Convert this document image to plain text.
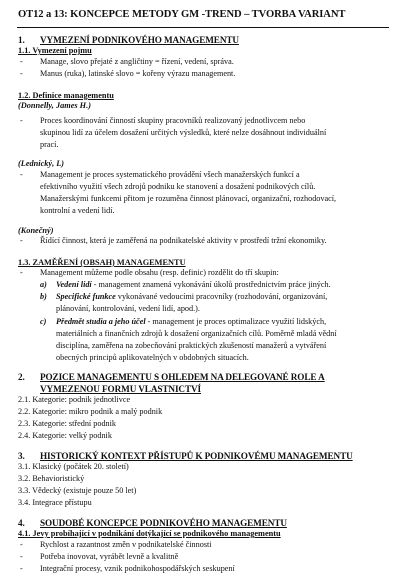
OT12 a 13: KONCEPCE METODY GM -TREND – TVORBA VARIANT
1. VYMEZENÍ PODNIKOVÉHO MANAGEMENTU
1.1. Vymezení pojmu
- Manage, slovo přejaté z angličtiny = řízení, vedení, správa.
- Manus (ruka), latinské slovo = kořeny výrazu management.
1.2. Definice managementu
(Donnelly, James H.)
- Proces koordinování činností skupiny pracovníků realizovaný jednotlivcem nebo
skupinou lidí za účelem dosažení určitých výsledků, které nelze dosáhnout individuální
prací.
(Lednický, L)
- Management je proces systematického provádění všech manažerských funkcí a
efektivního využití všech zdrojů podniku ke stanovení a dosažení podnikových cílů.
Manažerskými funkcemi přitom je rozuměna činnost plánovací, organizační, rozhodovací,
kontrolní a vedení lidí.
(Konečný)
- Řídící činnost, která je zaměřená na podnikatelské aktivity v prostředí tržní ekonomiky.
1.3. ZAMĚŘENÍ (OBSAH) MANAGEMENTU
- Management můžeme podle obsahu (resp. definic) rozdělit do tří skupin:
a) Vedení lidí - management znamená vykonávání úkolů prostřednictvím práce jiných.
b) Specifické funkce vykonávané vedoucími pracovníky (rozhodování, organizování,
plánování, kontrolování, vedení lidí, apod.).
c) Předmět studia a jeho účel - management je proces optimalizace využití lidských,
materiálních a finančních zdrojů k dosažení organizačních cílů. Poměrně mladá vědní
disciplína, zaměřena na zobecňování praktických zkušeností manažerů a vytváření
obecných principů aplikovatelných v obdobných situacích.
2. POZICE MANAGEMENTU S OHLEDEM NA DELEGOVANÉ ROLE A
VYMEZENOU FORMU VLASTNICTVÍ
2.1. Kategorie: podnik jednotlivce
2.2. Kategorie: mikro podnik a malý podnik
2.3. Kategorie: střední podnik
2.4. Kategorie: velký podnik
3. HISTORICKÝ KONTEXT PŘÍSTUPŮ K PODNIKOVÉMU MANAGEMENTU
3.1. Klasický (počátek 20. století)
3.2. Behavioristický
3.3. Vědecký (existuje pouze 50 let)
3.4. Integrace přístupu
4. SOUDOBÉ KONCEPCE PODNIKOVÉHO MANAGEMENTU
4.1. Jevy probíhající v podnikání dotýkající se podnikového managementu
- Rychlost a razantnost změn v podnikatelské činnosti
- Potřeba inovovat, vyrábět levně a kvalitně
- Integrační procesy, vznik podnikohospodářských seskupení
